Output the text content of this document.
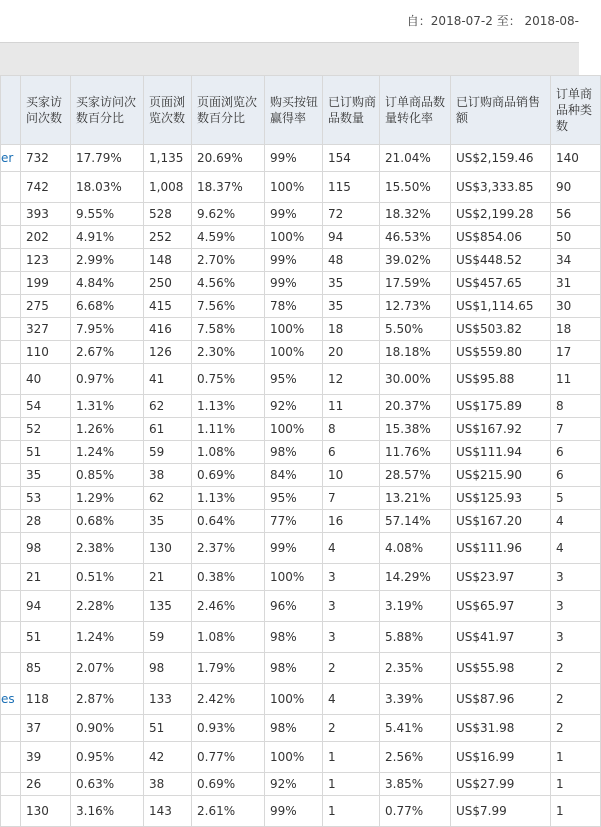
自：2018-07-2 至： 2018-08-
	买家访问次数	买家访问次数百分比	页面浏览次数	页面浏览次数百分比	购买按钮赢得率	已订购商品数量	订单商品数量转化率	已订购商品销售额	订单商品种类数
er	732	17.79%	1,135	20.69%	99%	154	21.04%	US$2,159.46	140
	742	18.03%	1,008	18.37%	100%	115	15.50%	US$3,333.85	90
	393	9.55%	528	9.62%	99%	72	18.32%	US$2,199.28	56
	202	4.91%	252	4.59%	100%	94	46.53%	US$854.06	50
	123	2.99%	148	2.70%	99%	48	39.02%	US$448.52	34
	199	4.84%	250	4.56%	99%	35	17.59%	US$457.65	31
	275	6.68%	415	7.56%	78%	35	12.73%	US$1,114.65	30
	327	7.95%	416	7.58%	100%	18	5.50%	US$503.82	18
	110	2.67%	126	2.30%	100%	20	18.18%	US$559.80	17
	40	0.97%	41	0.75%	95%	12	30.00%	US$95.88	11
	54	1.31%	62	1.13%	92%	11	20.37%	US$175.89	8
	52	1.26%	61	1.11%	100%	8	15.38%	US$167.92	7
	51	1.24%	59	1.08%	98%	6	11.76%	US$111.94	6
	35	0.85%	38	0.69%	84%	10	28.57%	US$215.90	6
	53	1.29%	62	1.13%	95%	7	13.21%	US$125.93	5
	28	0.68%	35	0.64%	77%	16	57.14%	US$167.20	4
	98	2.38%	130	2.37%	99%	4	4.08%	US$111.96	4
	21	0.51%	21	0.38%	100%	3	14.29%	US$23.97	3
	94	2.28%	135	2.46%	96%	3	3.19%	US$65.97	3
	51	1.24%	59	1.08%	98%	3	5.88%	US$41.97	3
	85	2.07%	98	1.79%	98%	2	2.35%	US$55.98	2
es	118	2.87%	133	2.42%	100%	4	3.39%	US$87.96	2
	37	0.90%	51	0.93%	98%	2	5.41%	US$31.98	2
	39	0.95%	42	0.77%	100%	1	2.56%	US$16.99	1
	26	0.63%	38	0.69%	92%	1	3.85%	US$27.99	1
	130	3.16%	143	2.61%	99%	1	0.77%	US$7.99	1
